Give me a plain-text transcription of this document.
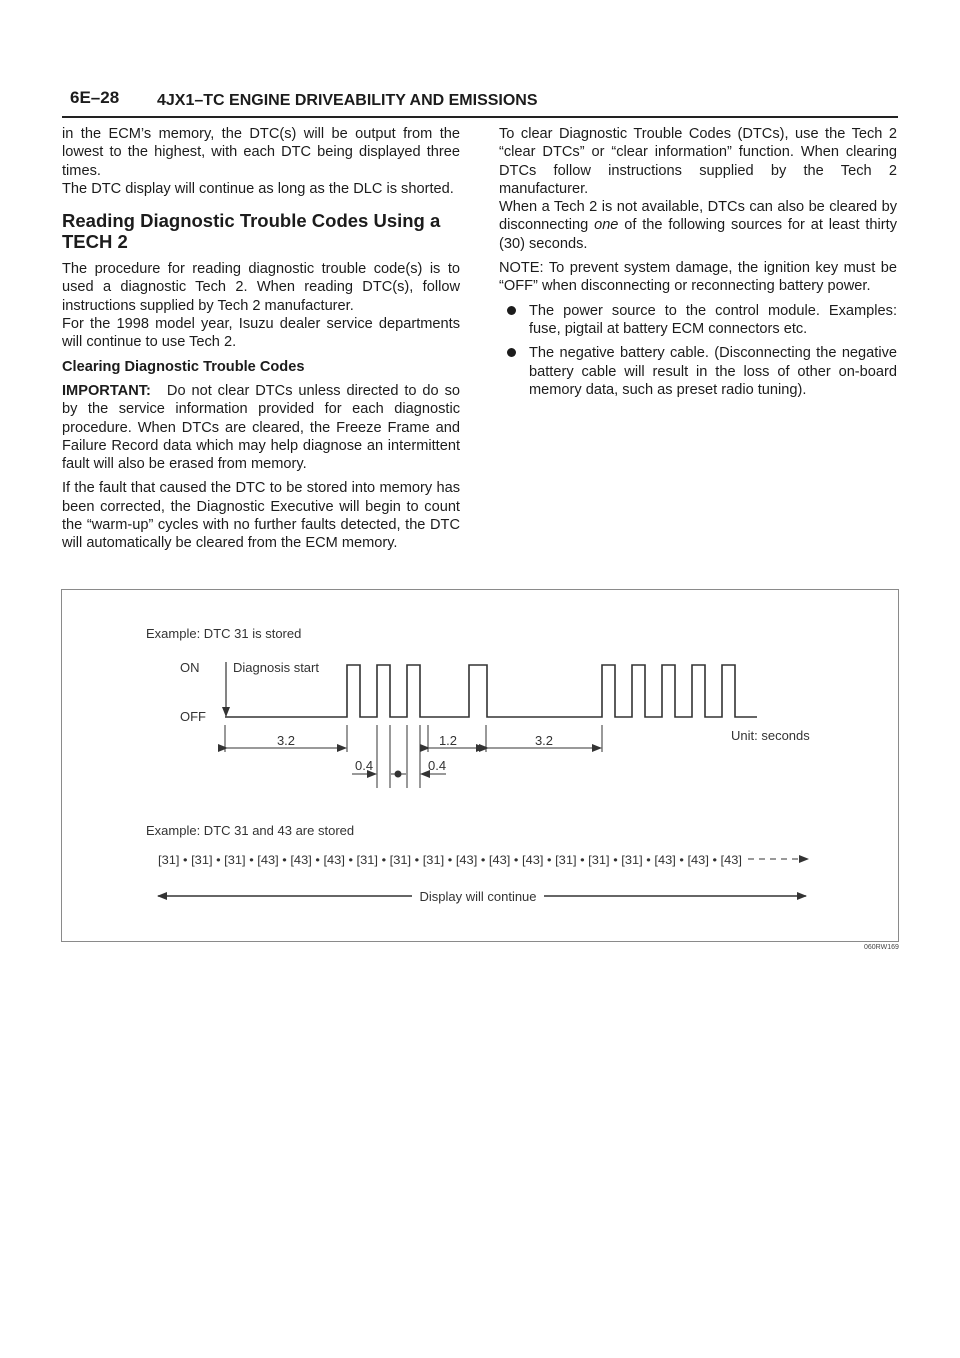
6E–28 4JX1–TC ENGINE DRIVEABILITY AND EMISSIONS

in the ECM’s memory, the DTC(s) will be output from the lowest to the highest, with each DTC being displayed three times.

The DTC display will continue as long as the DLC is shorted.

Reading Diagnostic Trouble Codes Using a TECH 2

The procedure for reading diagnostic trouble code(s) is to used a diagnostic Tech 2. When reading DTC(s), follow instructions supplied by Tech 2 manufacturer.

For the 1998 model year, Isuzu dealer service departments will continue to use Tech 2.

Clearing Diagnostic Trouble Codes

IMPORTANT: Do not clear DTCs unless directed to do so by the service information provided for each diagnostic procedure. When DTCs are cleared, the Freeze Frame and Failure Record data which may help diagnose an intermittent fault will also be erased from memory.

If the fault that caused the DTC to be stored into memory has been corrected, the Diagnostic Executive will begin to count the “warm-up” cycles with no further faults detected, the DTC will automatically be cleared from the ECM memory.

To clear Diagnostic Trouble Codes (DTCs), use the Tech 2 “clear DTCs” or “clear information” function. When clearing DTCs follow instructions supplied by the Tech 2 manufacturer.

When a Tech 2 is not available, DTCs can also be cleared by disconnecting one of the following sources for at least thirty (30) seconds.

NOTE: To prevent system damage, the ignition key must be “OFF” when disconnecting or reconnecting battery power.

The power source to the control module. Examples: fuse, pigtail at battery ECM connectors etc.
The negative battery cable. (Disconnecting the negative battery cable will result in the loss of other on-board memory data, such as preset radio tuning).
Example: DTC 31 is stored
ON
OFF
Diagnosis start
3.2	1.2	3.2
0.4	0.4
Unit: seconds
Example: DTC 31 and 43 are stored
[31] • [31] • [31] • [43] • [43] • [43] • [31] • [31] • [31] • [43] • [43] • [43] • [31] • [31] • [31] • [43] • [43] • [43]
Display will continue
060RW169
